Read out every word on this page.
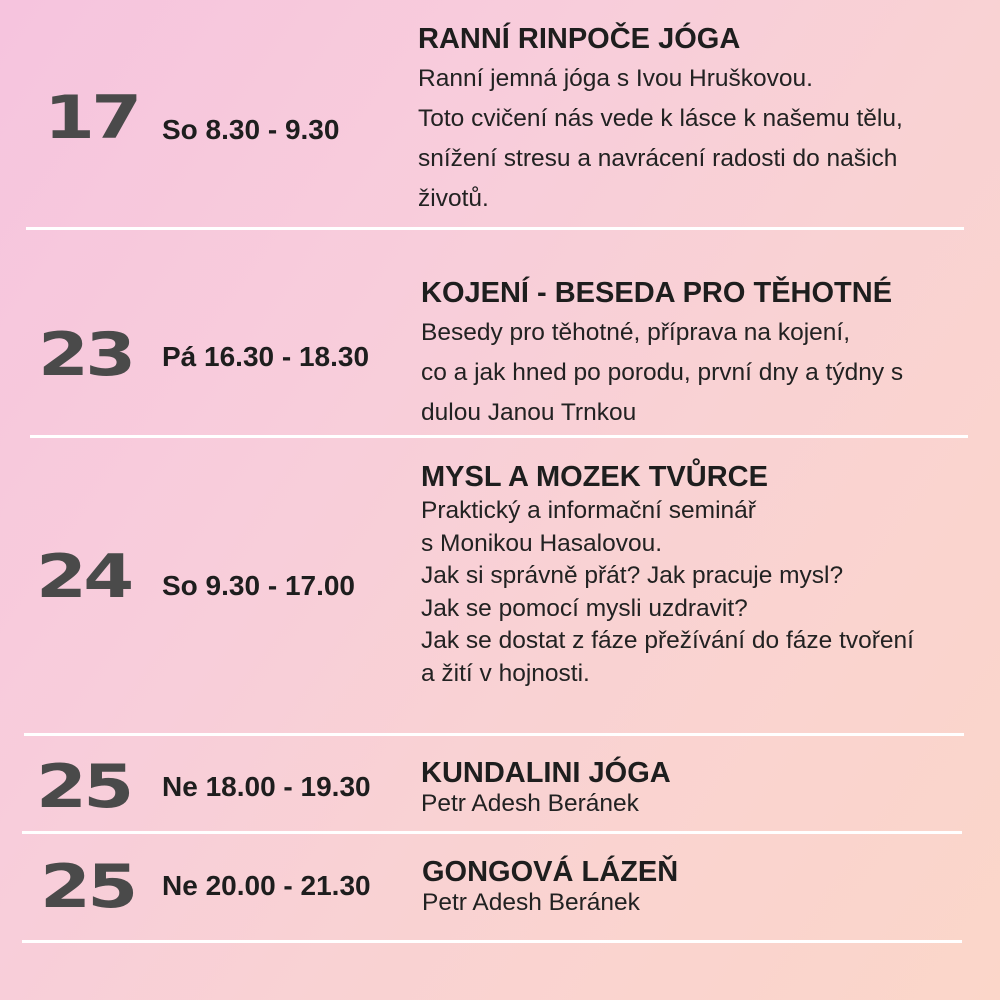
17 So 8.30 - 9.30
RANNÍ RINPOČE JÓGA
Ranní jemná jóga s Ivou Hruškovou.
Toto cvičení nás vede k lásce k našemu tělu,
snížení stresu a navrácení radosti do našich
životů.
23 Pá 16.30 - 18.30
KOJENÍ - BESEDA PRO TĚHOTNÉ
Besedy pro těhotné, příprava na kojení,
co a jak hned po porodu, první dny a týdny s
dulou Janou Trnkou
24 So 9.30 - 17.00
MYSL A MOZEK TVŮRCE
Praktický a informační seminář
s Monikou Hasalovou.
Jak si správně přát? Jak pracuje mysl?
Jak se pomocí mysli uzdravit?
Jak se dostat z fáze přežívání do fáze tvoření
a žití v hojnosti.
25 Ne 18.00 - 19.30 KUNDALINI JÓGA
Petr Adesh Beránek
25 Ne 20.00 - 21.30 GONGOVÁ LÁZEŇ
Petr Adesh Beránek
